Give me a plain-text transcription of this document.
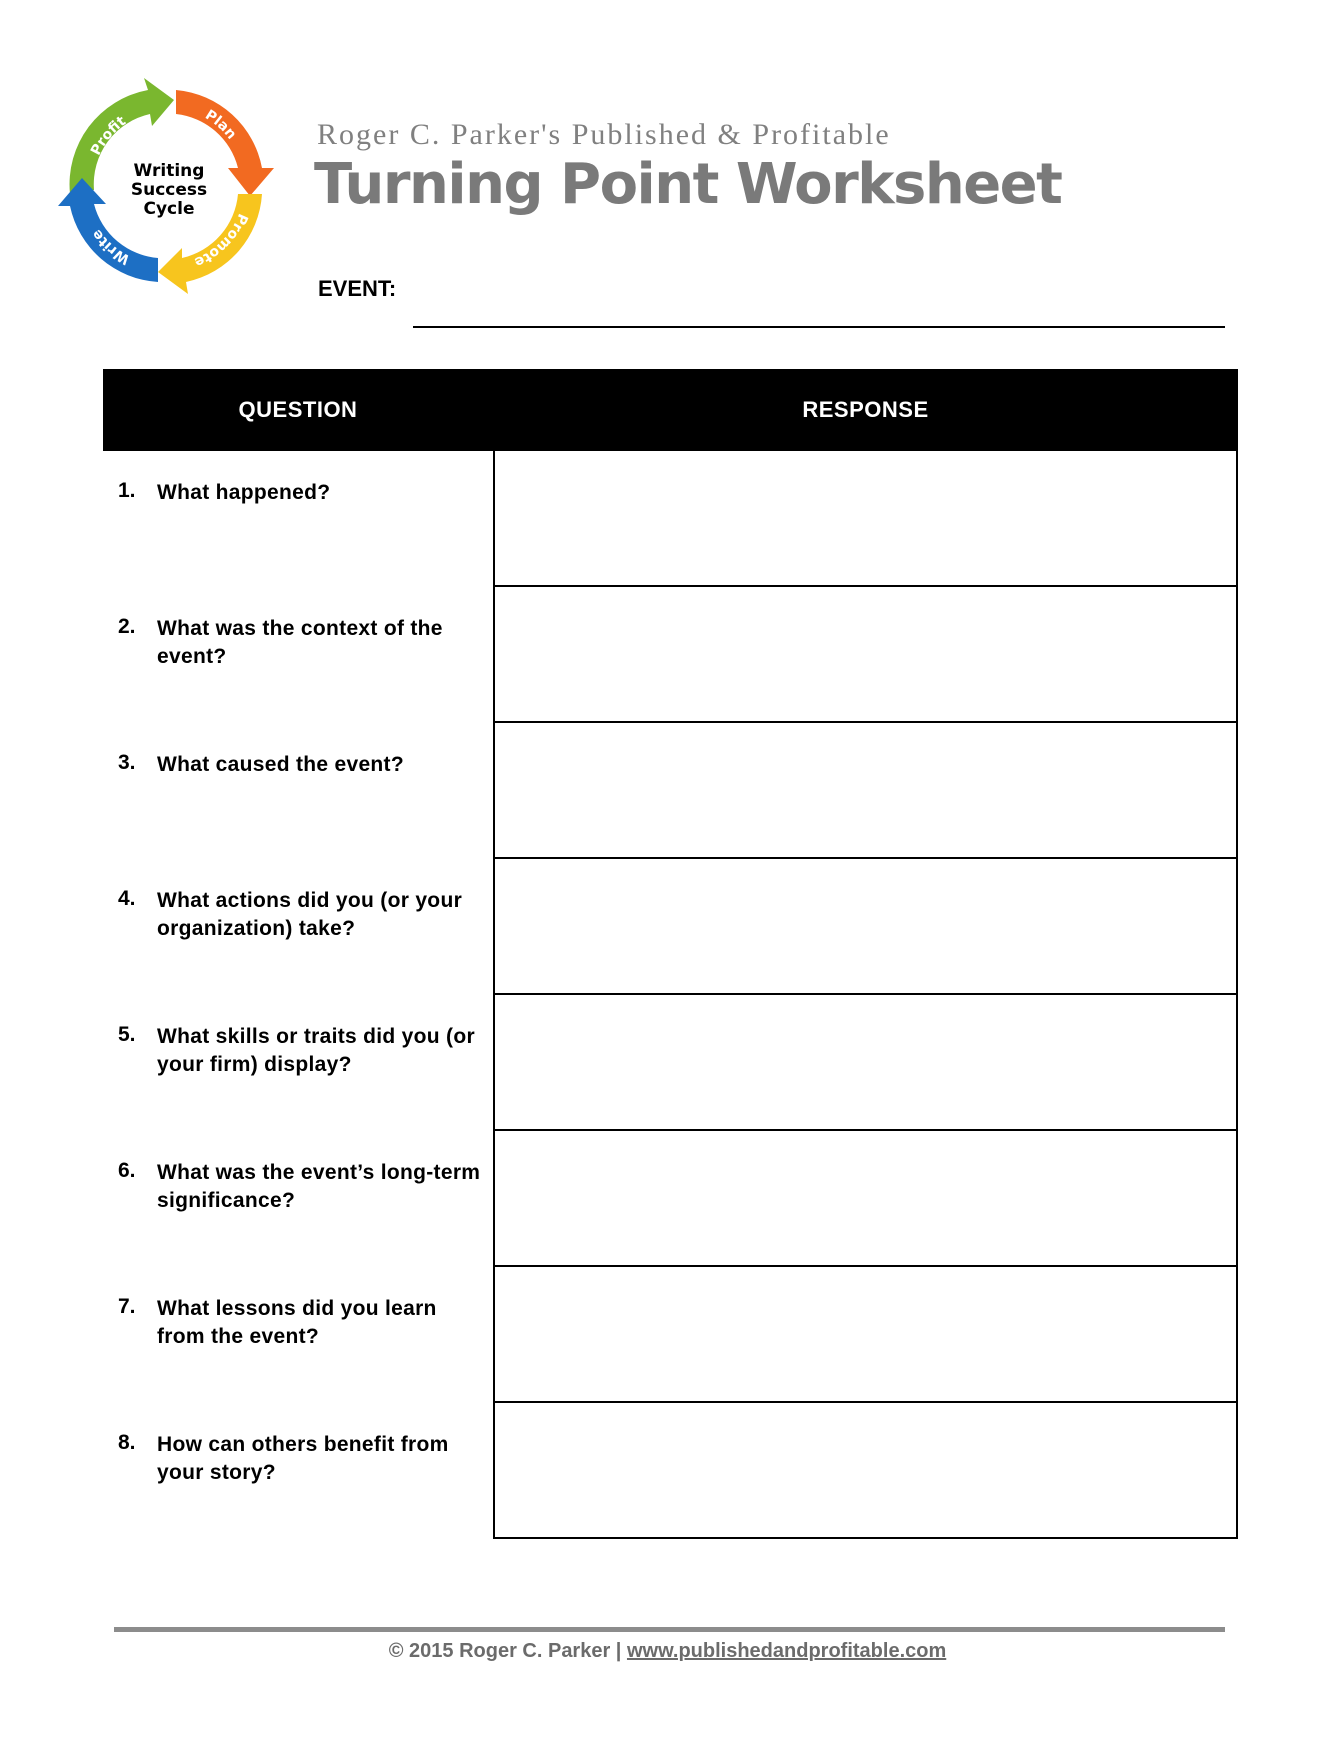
Profit	Plan
Promote
Write
Writing
Success
Cycle
Roger C. Parker's Published & Profitable
Turning Point Worksheet
EVENT:
QUESTION	RESPONSE
1. What happened?
2. What was the context of the event?
3. What caused the event?
4. What actions did you (or your organization) take?
5. What skills or traits did you (or your firm) display?
6. What was the event’s long-term significance?
7. What lessons did you learn from the event?
8. How can others benefit from your story?
© 2015 Roger C. Parker | www.publishedandprofitable.com
